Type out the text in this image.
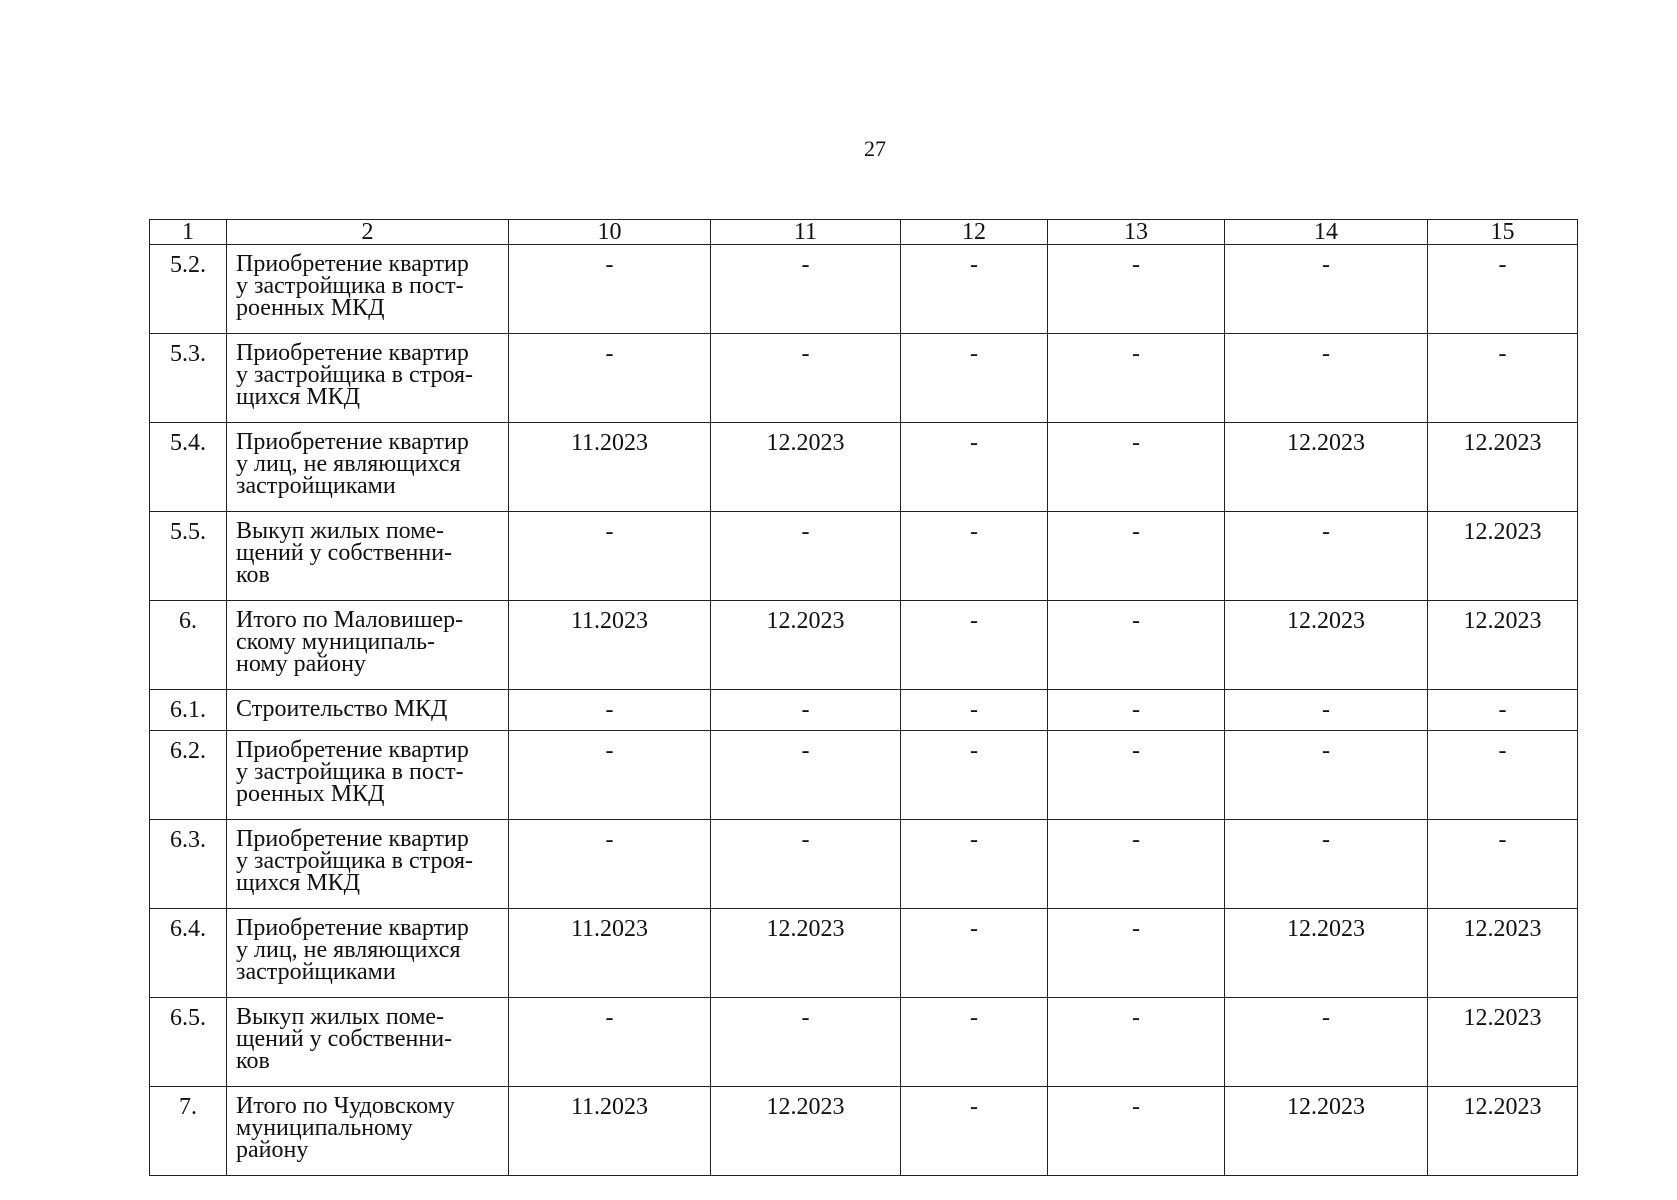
27
1	2	10	11	12	13	14	15
5.2.	Приобретение квартир
у застройщика в пост-
роенных МКД	-	-	-	-	-	-
5.3.	Приобретение квартир
у застройщика в строя-
щихся МКД	-	-	-	-	-	-
5.4.	Приобретение квартир
у лиц, не являющихся
застройщиками	11.2023	12.2023	-	-	12.2023	12.2023
5.5.	Выкуп жилых поме-
щений у собственни-
ков	-	-	-	-	-	12.2023
6.	Итого по Маловишер-
скому муниципаль-
ному району	11.2023	12.2023	-	-	12.2023	12.2023
6.1.	Строительство МКД	-	-	-	-	-	-
6.2.	Приобретение квартир
у застройщика в пост-
роенных МКД	-	-	-	-	-	-
6.3.	Приобретение квартир
у застройщика в строя-
щихся МКД	-	-	-	-	-	-
6.4.	Приобретение квартир
у лиц, не являющихся
застройщиками	11.2023	12.2023	-	-	12.2023	12.2023
6.5.	Выкуп жилых поме-
щений у собственни-
ков	-	-	-	-	-	12.2023
7.	Итого по Чудовскому
муниципальному
району	11.2023	12.2023	-	-	12.2023	12.2023
